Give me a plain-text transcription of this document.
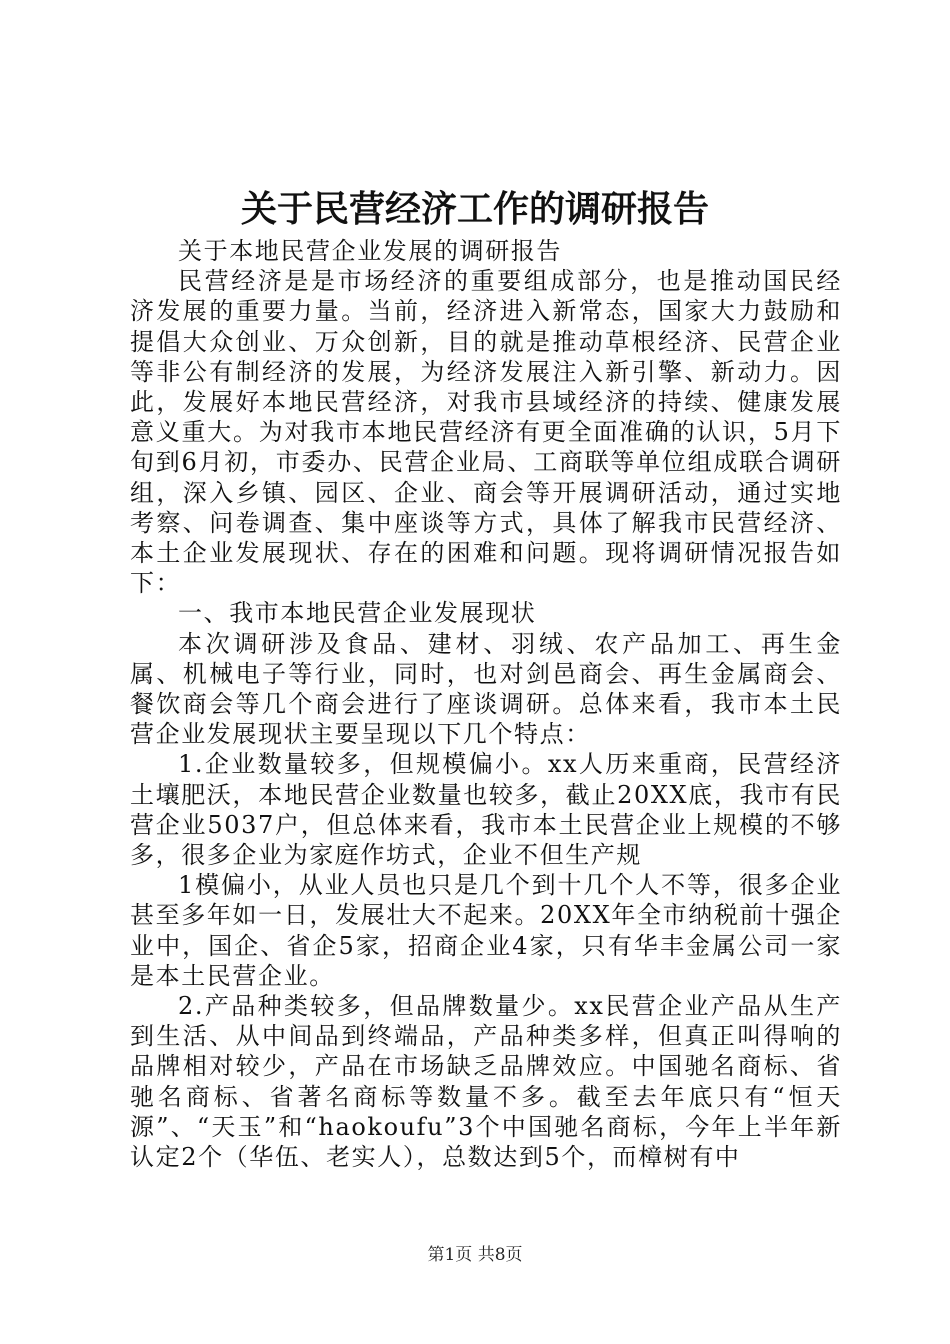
关于民营经济工作的调研报告

关于本地民营企业发展的调研报告

民营经济是是市场经济的重要组成部分，也是推动国民经济发展的重要力量。当前，经济进入新常态，国家大力鼓励和提倡大众创业、万众创新，目的就是推动草根经济、民营企业等非公有制经济的发展，为经济发展注入新引擎、新动力。因此，发展好本地民营经济，对我市县域经济的持续、健康发展意义重大。为对我市本地民营经济有更全面准确的认识，5月下旬到6月初，市委办、民营企业局、工商联等单位组成联合调研组，深入乡镇、园区、企业、商会等开展调研活动，通过实地考察、问卷调查、集中座谈等方式，具体了解我市民营经济、本土企业发展现状、存在的困难和问题。现将调研情况报告如下：

一、我市本地民营企业发展现状

本次调研涉及食品、建材、羽绒、农产品加工、再生金属、机械电子等行业，同时，也对剑邑商会、再生金属商会、餐饮商会等几个商会进行了座谈调研。总体来看，我市本土民营企业发展现状主要呈现以下几个特点：

1.企业数量较多，但规模偏小。xx人历来重商，民营经济土壤肥沃，本地民营企业数量也较多，截止20XX底，我市有民营企业5037户，但总体来看，我市本土民营企业上规模的不够多，很多企业为家庭作坊式，企业不但生产规

1模偏小，从业人员也只是几个到十几个人不等，很多企业甚至多年如一日，发展壮大不起来。20XX年全市纳税前十强企业中，国企、省企5家，招商企业4家，只有华丰金属公司一家是本土民营企业。

2.产品种类较多，但品牌数量少。xx民营企业产品从生产到生活、从中间品到终端品，产品种类多样，但真正叫得响的品牌相对较少，产品在市场缺乏品牌效应。中国驰名商标、省驰名商标、省著名商标等数量不多。截至去年底只有“恒天源”、“天玉”和“haokoufu”3个中国驰名商标，今年上半年新认定2个（华伍、老实人），总数达到5个，而樟树有中

第1页 共8页
